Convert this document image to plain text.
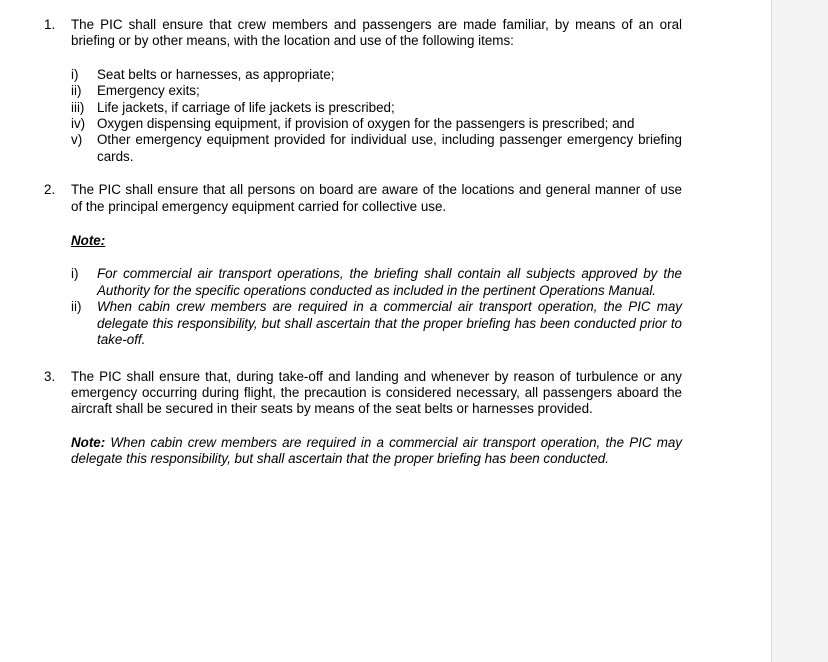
1. The PIC shall ensure that crew members and passengers are made familiar, by means of an oral briefing or by other means, with the location and use of the following items:

i) Seat belts or harnesses, as appropriate;

ii) Emergency exits;

iii) Life jackets, if carriage of life jackets is prescribed;

iv) Oxygen dispensing equipment, if provision of oxygen for the passengers is prescribed; and

v) Other emergency equipment provided for individual use, including passenger emergency briefing cards.

2. The PIC shall ensure that all persons on board are aware of the locations and general manner of use of the principal emergency equipment carried for collective use.

Note:
i) For commercial air transport operations, the briefing shall contain all subjects approved by the Authority for the specific operations conducted as included in the pertinent Operations Manual.

ii) When cabin crew members are required in a commercial air transport operation, the PIC may delegate this responsibility, but shall ascertain that the proper briefing has been conducted prior to take-off.

3. The PIC shall ensure that, during take-off and landing and whenever by reason of turbulence or any emergency occurring during flight, the precaution is considered necessary, all passengers aboard the aircraft shall be secured in their seats by means of the seat belts or harnesses provided.

Note: When cabin crew members are required in a commercial air transport operation, the PIC may delegate this responsibility, but shall ascertain that the proper briefing has been conducted.
